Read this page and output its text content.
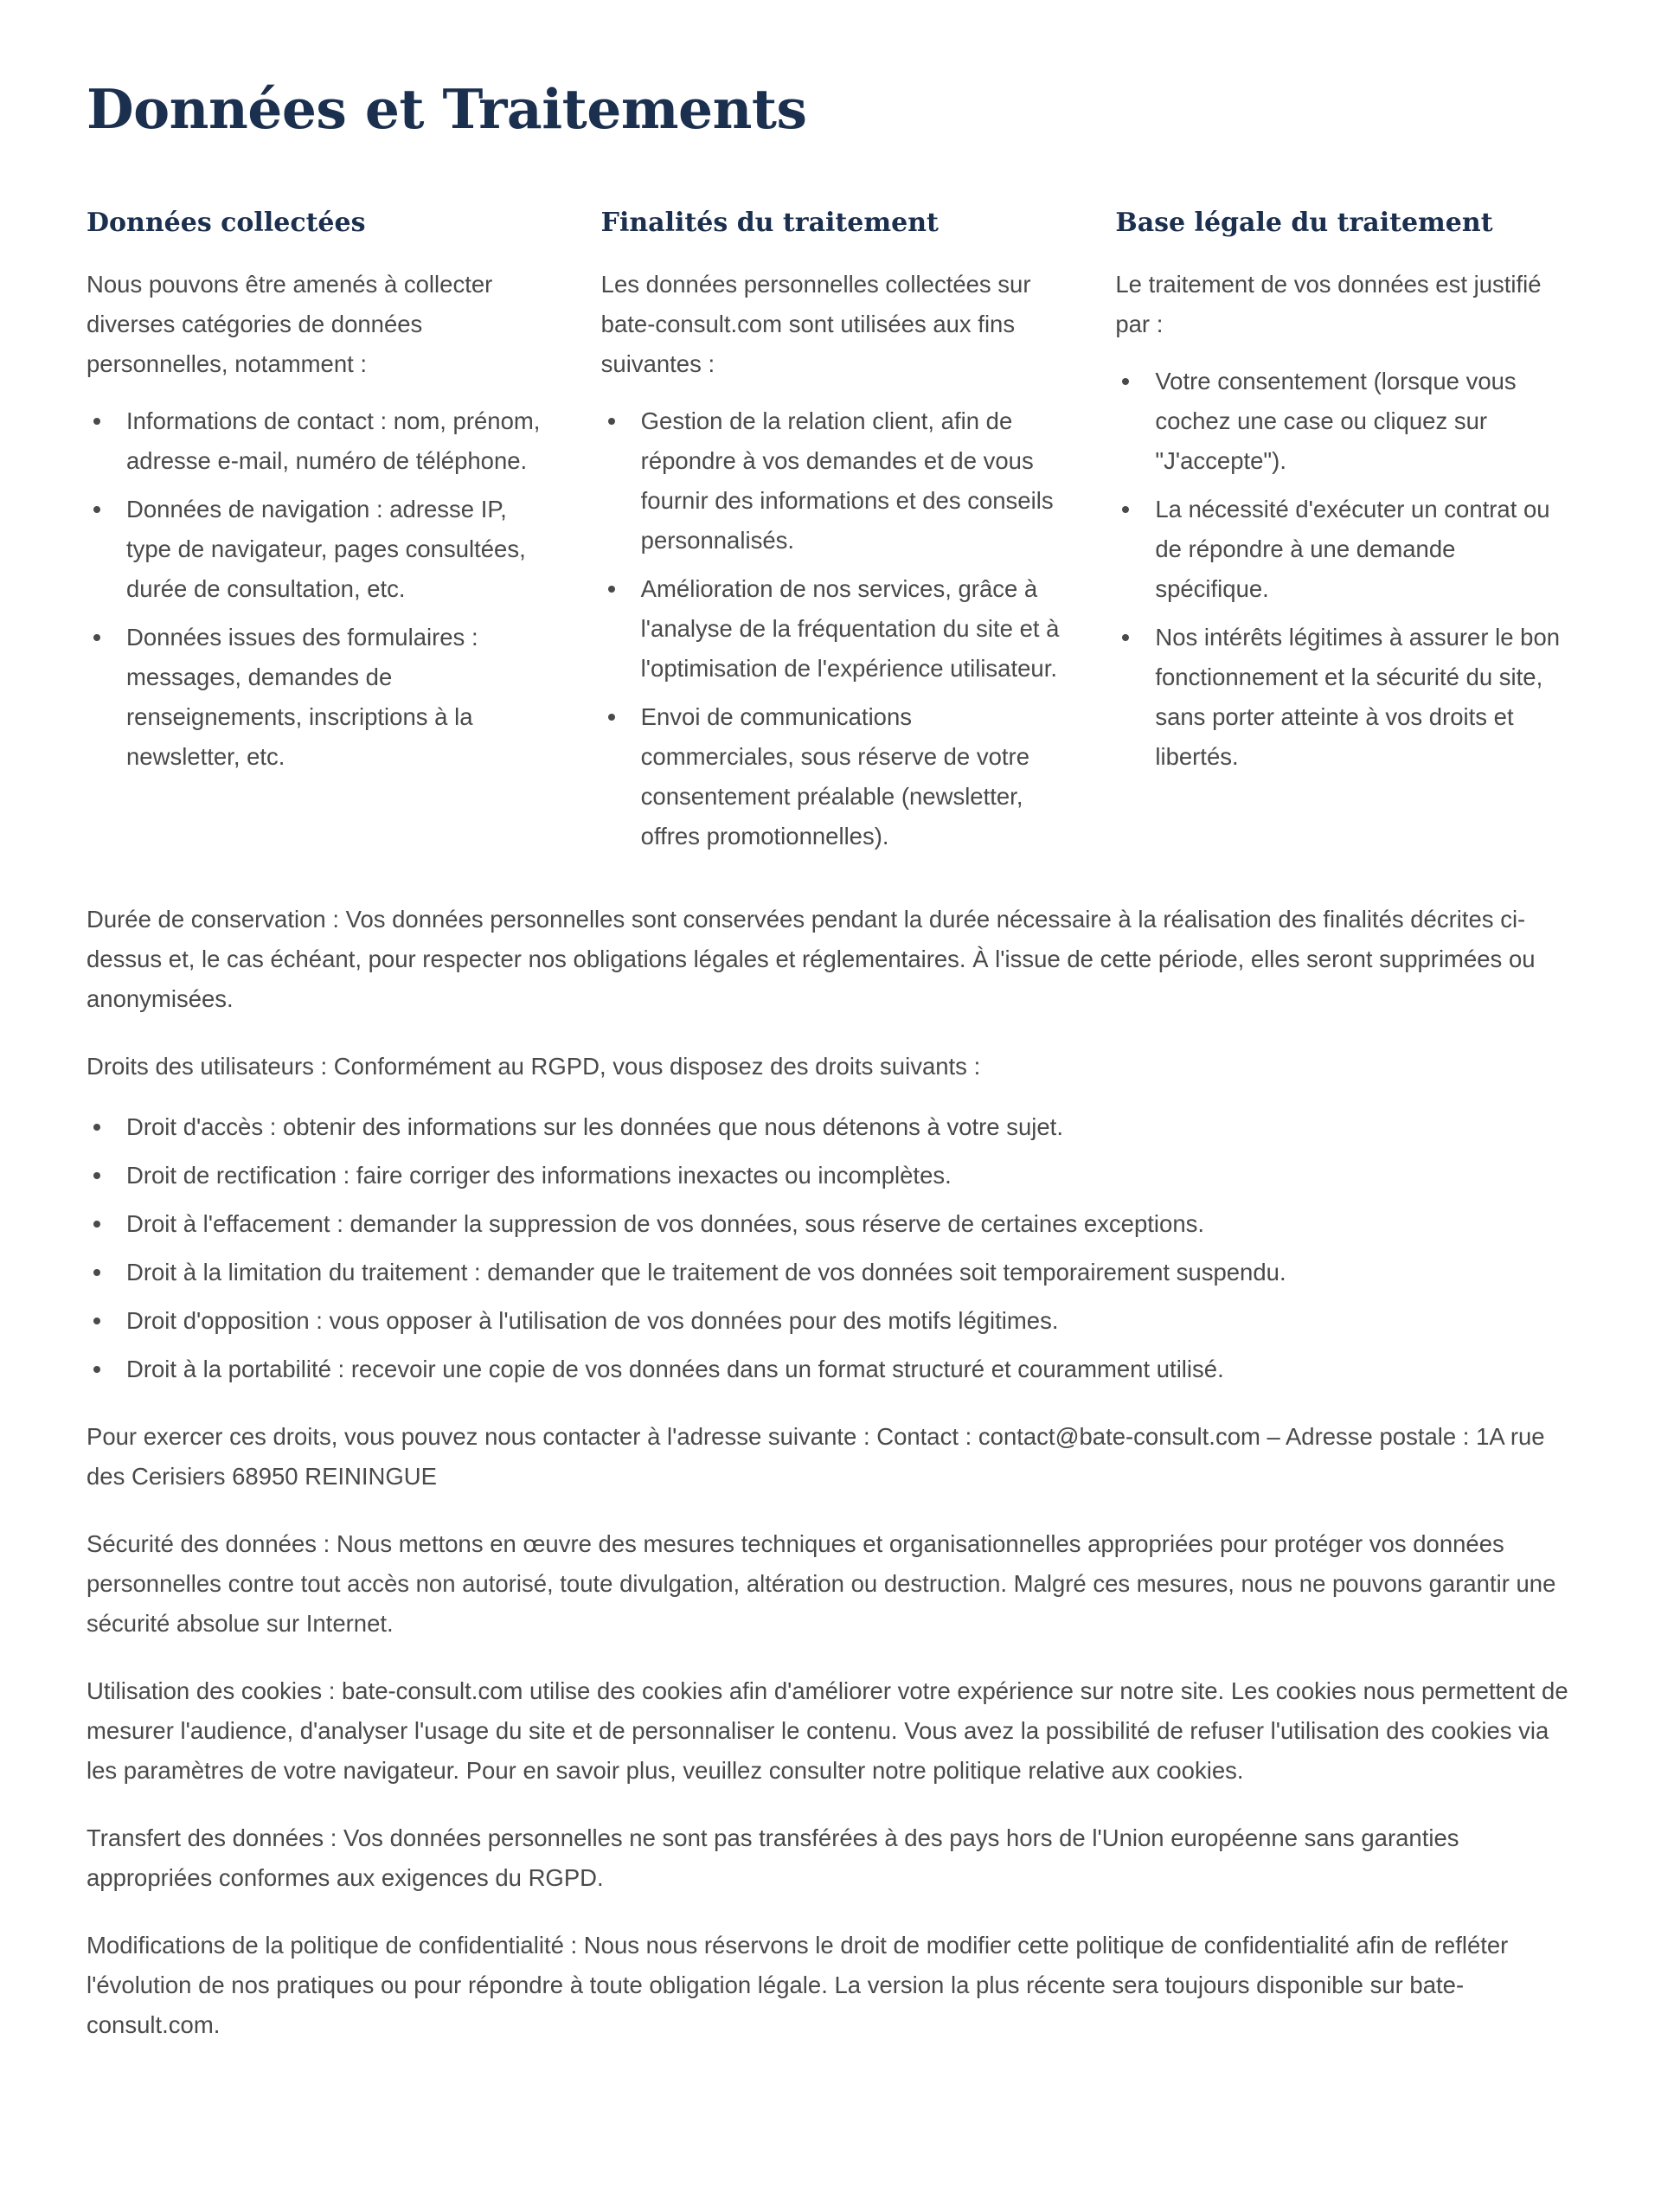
Données et Traitements
Données collectées

Nous pouvons être amenés à collecter diverses catégories de données personnelles, notamment :

Informations de contact : nom, prénom, adresse e-mail, numéro de téléphone.
Données de navigation : adresse IP, type de navigateur, pages consultées, durée de consultation, etc.
Données issues des formulaires : messages, demandes de renseignements, inscriptions à la newsletter, etc.
Finalités du traitement

Les données personnelles collectées sur bate-consult.com sont utilisées aux fins suivantes :

Gestion de la relation client, afin de répondre à vos demandes et de vous fournir des informations et des conseils personnalisés.
Amélioration de nos services, grâce à l'analyse de la fréquentation du site et à l'optimisation de l'expérience utilisateur.
Envoi de communications commerciales, sous réserve de votre consentement préalable (newsletter, offres promotionnelles).
Base légale du traitement

Le traitement de vos données est justifié par :

Votre consentement (lorsque vous cochez une case ou cliquez sur "J'accepte").
La nécessité d'exécuter un contrat ou de répondre à une demande spécifique.
Nos intérêts légitimes à assurer le bon fonctionnement et la sécurité du site, sans porter atteinte à vos droits et libertés.

Durée de conservation : Vos données personnelles sont conservées pendant la durée nécessaire à la réalisation des finalités décrites ci-dessus et, le cas échéant, pour respecter nos obligations légales et réglementaires. À l'issue de cette période, elles seront supprimées ou anonymisées.

Droits des utilisateurs : Conformément au RGPD, vous disposez des droits suivants :

Droit d'accès : obtenir des informations sur les données que nous détenons à votre sujet.
Droit de rectification : faire corriger des informations inexactes ou incomplètes.
Droit à l'effacement : demander la suppression de vos données, sous réserve de certaines exceptions.
Droit à la limitation du traitement : demander que le traitement de vos données soit temporairement suspendu.
Droit d'opposition : vous opposer à l'utilisation de vos données pour des motifs légitimes.
Droit à la portabilité : recevoir une copie de vos données dans un format structuré et couramment utilisé.

Pour exercer ces droits, vous pouvez nous contacter à l'adresse suivante : Contact : contact@bate-consult.com – Adresse postale : 1A rue des Cerisiers 68950 REININGUE

Sécurité des données : Nous mettons en œuvre des mesures techniques et organisationnelles appropriées pour protéger vos données personnelles contre tout accès non autorisé, toute divulgation, altération ou destruction. Malgré ces mesures, nous ne pouvons garantir une sécurité absolue sur Internet.

Utilisation des cookies : bate-consult.com utilise des cookies afin d'améliorer votre expérience sur notre site. Les cookies nous permettent de mesurer l'audience, d'analyser l'usage du site et de personnaliser le contenu. Vous avez la possibilité de refuser l'utilisation des cookies via les paramètres de votre navigateur. Pour en savoir plus, veuillez consulter notre politique relative aux cookies.

Transfert des données : Vos données personnelles ne sont pas transférées à des pays hors de l'Union européenne sans garanties appropriées conformes aux exigences du RGPD.

Modifications de la politique de confidentialité : Nous nous réservons le droit de modifier cette politique de confidentialité afin de refléter l'évolution de nos pratiques ou pour répondre à toute obligation légale. La version la plus récente sera toujours disponible sur bate-consult.com.
